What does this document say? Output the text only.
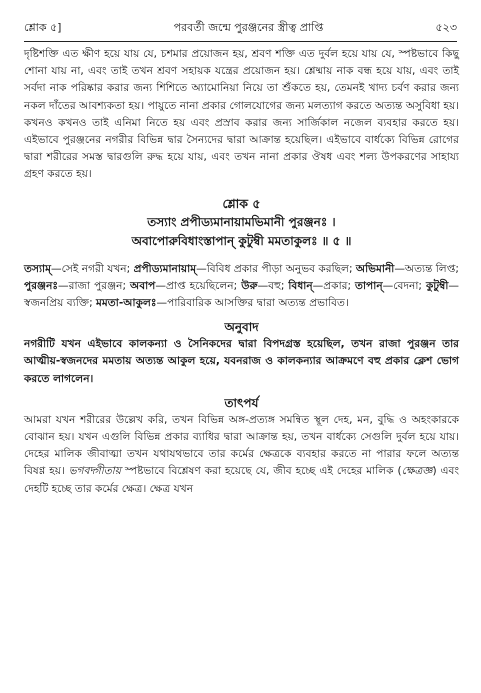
শ্লোক ৫]	পরবর্তী জন্মে পুরঞ্জনের স্ত্রীত্ব প্রাপ্তি	৫২৩

দৃষ্টিশক্তি এত ক্ষীণ হয়ে যায় যে, চশমার প্রয়োজন হয়, শ্রবণ শক্তি এত দুর্বল হয়ে যায় যে, স্পষ্টভাবে কিছু শোনা যায় না, এবং তাই তখন শ্রবণ সহায়ক যন্ত্রের প্রয়োজন হয়। শ্লেষ্মায় নাক বন্ধ হয়ে যায়, এবং তাই সর্বদা নাক পরিষ্কার করার জন্য শিশিতে অ্যামোনিয়া নিয়ে তা শুঁকতে হয়, তেমনই খাদ্য চর্বণ করার জন্য নকল দাঁতের আবশ্যকতা হয়। পায়ুতে নানা প্রকার গোলযোগের জন্য মলত্যাগ করতে অত্যন্ত অসুবিধা হয়। কখনও কখনও তাই এনিমা নিতে হয় এবং প্রস্রাব করার জন্য সার্জিকাল নজেল ব্যবহার করতে হয়। এইভাবে পুরঞ্জনের নগরীর বিভিন্ন দ্বার সৈন্যদের দ্বারা আক্রান্ত হয়েছিল। এইভাবে বার্ধক্যে বিভিন্ন রোগের দ্বারা শরীরের সমস্ত দ্বারগুলি রুদ্ধ হয়ে যায়, এবং তখন নানা প্রকার ঔষধ এবং শল্য উপকরণের সাহায্য গ্রহণ করতে হয়।

শ্লোক ৫
তস্যাং প্রপীড্যমানায়ামভিমানী পুরঞ্জনঃ ।
অবাপোরুবিধাংস্তাপান্ কুটুম্বী মমতাকুলঃ ॥ ৫ ॥

তস্যাম্—সেই নগরী যখন; প্রপীড্যমানায়াম্—বিবিধ প্রকার পীড়া অনুভব করছিল; অভিমানী—অত্যন্ত লিপ্ত; পুরঞ্জনঃ—রাজা পুরঞ্জন; অবাপ—প্রাপ্ত হয়েছিলেন; উরু—বহু; বিধান্—প্রকার; তাপান্—বেদনা; কুটুম্বী—স্বজনপ্রিয় ব্যক্তি; মমতা-আকুলঃ—পারিবারিক আসক্তির দ্বারা অত্যন্ত প্রভাবিত।

অনুবাদ

নগরীটি যখন এইভাবে কালকন্যা ও সৈনিকদের দ্বারা বিপদগ্রস্ত হয়েছিল, তখন রাজা পুরঞ্জন তার আত্মীয়-স্বজনদের মমতায় অত্যন্ত আকুল হয়ে, যবনরাজ ও কালকন্যার আক্রমণে বহু প্রকার ক্লেশ ভোগ করতে লাগলেন।

তাৎপর্য

আমরা যখন শরীরের উল্লেখ করি, তখন বিভিন্ন অঙ্গ-প্রত্যঙ্গ সমন্বিত স্থূল দেহ, মন, বুদ্ধি ও অহংকারকে বোঝান হয়। যখন এগুলি বিভিন্ন প্রকার ব্যাধির দ্বারা আক্রান্ত হয়, তখন বার্ধক্যে সেগুলি দুর্বল হয়ে যায়। দেহের মালিক জীবাত্মা তখন যথাযথভাবে তার কর্মের ক্ষেত্রকে ব্যবহার করতে না পারার ফলে অত্যন্ত বিষণ্ণ হয়। ভগবদ্গীতায় স্পষ্টভাবে বিশ্লেষণ করা হয়েছে যে, জীব হচ্ছে এই দেহের মালিক (ক্ষেত্রজ্ঞ) এবং দেহটি হচ্ছে তার কর্মের ক্ষেত্র। ক্ষেত্র যখন
